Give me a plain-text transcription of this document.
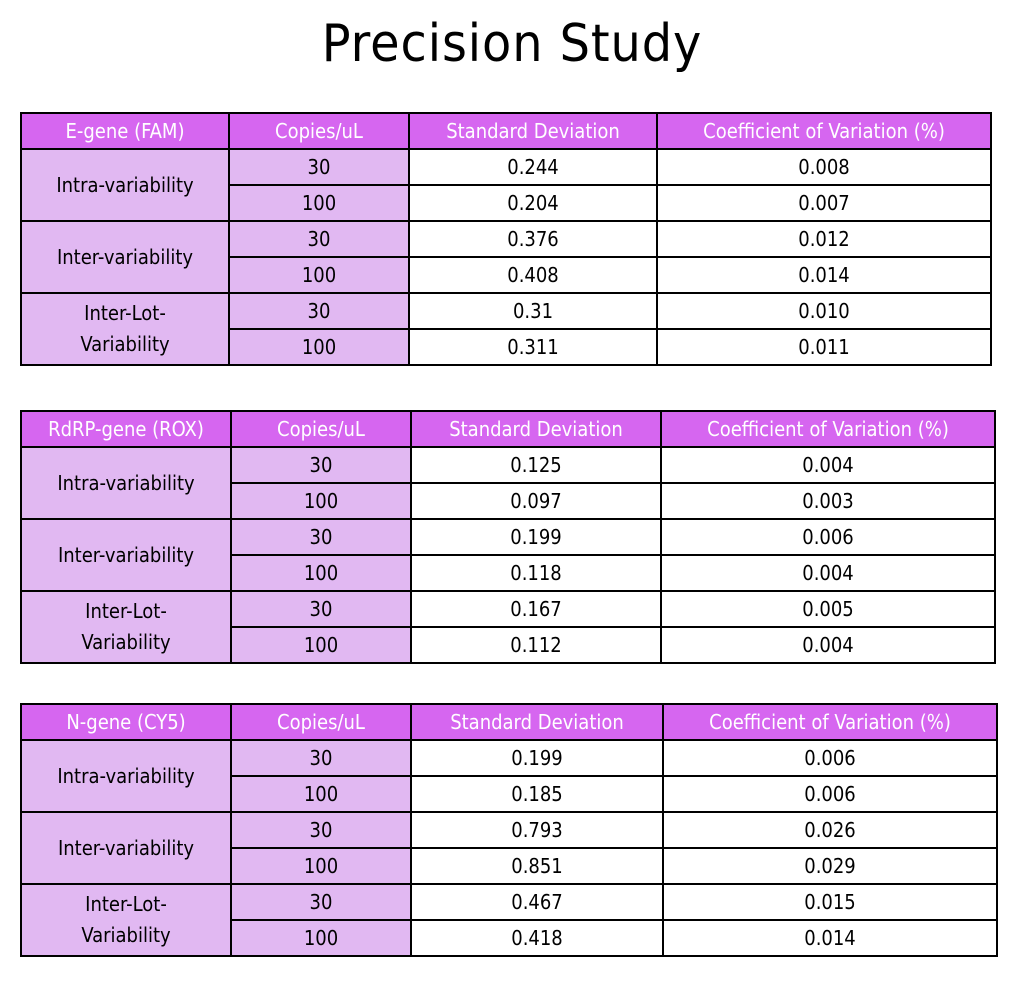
Precision Study
E-gene (FAM)	Copies/uL	Standard Deviation	Coefficient of Variation (%)
Intra-variability	30	0.244	0.008
	100	0.204	0.007
Inter-variability	30	0.376	0.012
	100	0.408	0.014
Inter-Lot-
Variability	30	0.31	0.010
	100	0.311	0.011
RdRP-gene (ROX)	Copies/uL	Standard Deviation	Coefficient of Variation (%)
Intra-variability	30	0.125	0.004
	100	0.097	0.003
Inter-variability	30	0.199	0.006
	100	0.118	0.004
Inter-Lot-
Variability	30	0.167	0.005
	100	0.112	0.004
N-gene (CY5)	Copies/uL	Standard Deviation	Coefficient of Variation (%)
Intra-variability	30	0.199	0.006
	100	0.185	0.006
Inter-variability	30	0.793	0.026
	100	0.851	0.029
Inter-Lot-
Variability	30	0.467	0.015
	100	0.418	0.014
